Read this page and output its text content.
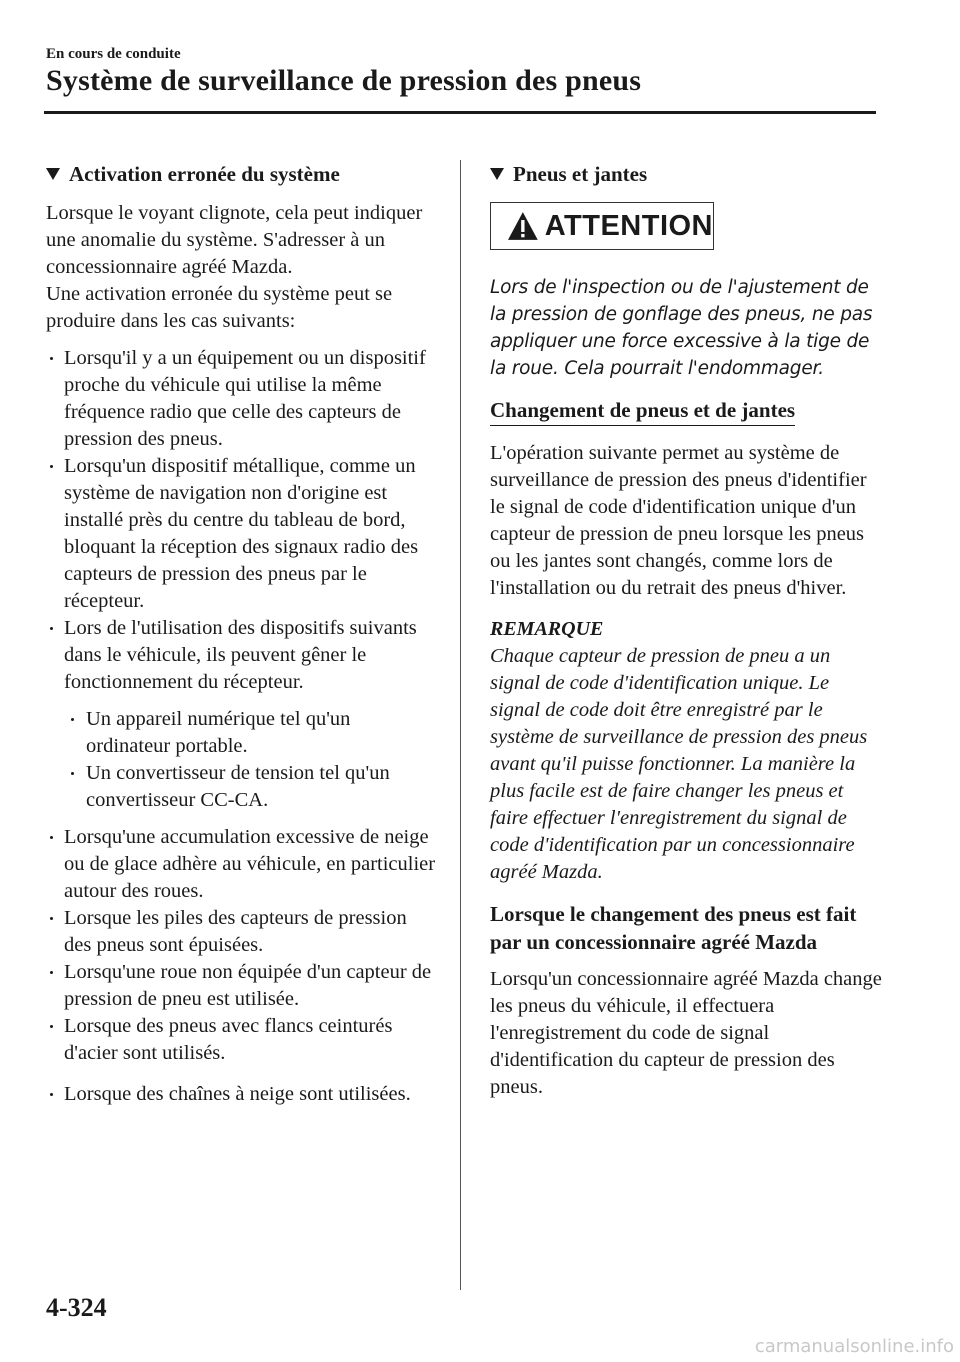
En cours de conduite
Système de surveillance de pression des pneus
Activation erronée du système

Lorsque le voyant clignote, cela peut indiquer une anomalie du système. S'adresser à un concessionnaire agréé Mazda.

Une activation erronée du système peut se produire dans les cas suivants:

Lorsqu'il y a un équipement ou un dispositif proche du véhicule qui utilise la même fréquence radio que celle des capteurs de pression des pneus.
Lorsqu'un dispositif métallique, comme un système de navigation non d'origine est installé près du centre du tableau de bord, bloquant la réception des signaux radio des capteurs de pression des pneus par le récepteur.
Lors de l'utilisation des dispositifs suivants dans le véhicule, ils peuvent gêner le fonctionnement du récepteur.
Un appareil numérique tel qu'un ordinateur portable.
Un convertisseur de tension tel qu'un convertisseur CC-CA.
Lorsqu'une accumulation excessive de neige ou de glace adhère au véhicule, en particulier autour des roues.
Lorsque les piles des capteurs de pression des pneus sont épuisées.
Lorsqu'une roue non équipée d'un capteur de pression de pneu est utilisée.
Lorsque des pneus avec flancs ceinturés d'acier sont utilisés.
Lorsque des chaînes à neige sont utilisées.
Pneus et jantes
ATTENTION

Lors de l'inspection ou de l'ajustement de la pression de gonflage des pneus, ne pas appliquer une force excessive à la tige de la roue. Cela pourrait l'endommager.

Changement de pneus et de jantes

L'opération suivante permet au système de surveillance de pression des pneus d'identifier le signal de code d'identification unique d'un capteur de pression de pneu lorsque les pneus ou les jantes sont changés, comme lors de l'installation ou du retrait des pneus d'hiver.

REMARQUE

Chaque capteur de pression de pneu a un signal de code d'identification unique. Le signal de code doit être enregistré par le système de surveillance de pression des pneus avant qu'il puisse fonctionner. La manière la plus facile est de faire changer les pneus et faire effectuer l'enregistrement du signal de code d'identification par un concessionnaire agréé Mazda.

Lorsque le changement des pneus est fait par un concessionnaire agréé Mazda

Lorsqu'un concessionnaire agréé Mazda change les pneus du véhicule, il effectuera l'enregistrement du code de signal d'identification du capteur de pression des pneus.

4-324
carmanualsonline.info
